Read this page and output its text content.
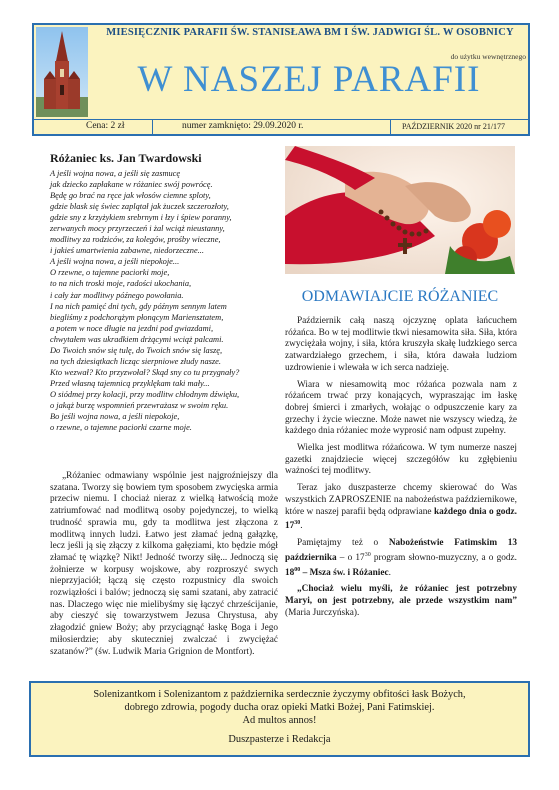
MIESIĘCZNIK PARAFII ŚW. STANISŁAWA BM I ŚW. JADWIGI ŚL. W OSOBNICY
do użytku wewnętrznego
W NASZEJ PARAFII
Cena: 2 zł	numer zamknięto: 29.09.2020 r.	PAŹDZIERNIK 2020 nr 21/177
Różaniec ks. Jan Twardowski
A jeśli wojna nowa, a jeśli się zasmucę
jak dziecko zapłakane w różaniec swój powrócę.
Będę go brać na ręce jak włosów ciemne sploty,
gdzie blask się świec zaplątał jak żuczek szczerozłoty,
gdzie sny z krzyżykiem srebrnym i łzy i śpiew poranny,
zerwanych mocy przyrzeczeń i żal wciąż nieustanny,
modlitwy za rodziców, za kolegów, prośby wieczne,
i jakieś umartwienia zabawne, niedorzeczne...
A jeśli wojna nowa, a jeśli niepokoje...
O rzewne, o tajemne paciorki moje,
to na nich troski moje, radości ukochania,
i cały żar modlitwy późnego powołania.
I na nich pamięć dni tych, gdy późnym sennym latem
biegliśmy z podchorążym płonącym Mariensztatem,
a potem w noce długie na jezdni pod gwiazdami,
chwytałem was ukradkiem drżącymi wciąż palcami.
Do Twoich snów się tulę, do Twoich snów się laszę,
na tych dziesiątkach licząc sierpniowe złudy nasze.
Kto wezwał? Kto przyzwołał? Skąd sny co tu przygnały?
Przed własną tajemnicą przyklękam taki mały...
O siódmej przy kolacji, przy modlitw chłodnym dźwięku,
o jakąż burzę wspomnień przewrażasz w swoim ręku.
Bo jeśli wojna nowa, a jeśli niepokoje,
o rzewne, o tajemne paciorki czarne moje.
ODMAWIAJCIE RÓŻANIEC

Październik całą naszą ojczyznę oplata łańcuchem różańca. Bo w tej modlitwie tkwi niesamowita siła. Siła, która zwyciężała wojny, i siła, która kruszyła skałę ludzkiego serca zatwardziałego grzechem, i siła, która dawała ludziom uzdrowienie i wlewała w ich serca nadzieję.

Wiara w niesamowitą moc różańca pozwala nam z różańcem trwać przy konających, wypraszając im łaskę dobrej śmierci i zmarłych, wołając o odpuszczenie kary za grzechy i życie wieczne. Może nawet nie wszyscy wiedzą, że każdego dnia różaniec może wyprosić nam odpust zupełny.

Wielka jest modlitwa różańcowa. W tym numerze naszej gazetki znajdziecie więcej szczegółów ku zgłębieniu ważności tej modlitwy.

Teraz jako duszpasterze chcemy skierować do Was wszystkich ZAPROSZENIE na nabożeństwa październikowe, które w naszej parafii będą odprawiane każdego dnia o godz. $17^{30}$.

Pamiętajmy też o Nabożeństwie Fatimskim 13 października – o $17^{30}$ program słowno-muzyczny, a o godz. $18^{00}$ – Msza św. i Różaniec.

„Chociaż wielu myśli, że różaniec jest potrzebny Maryi, on jest potrzebny, ale przede wszystkim nam” (Maria Jurczyńska).

„Różaniec odmawiany wspólnie jest najgroźniejszy dla szatana. Tworzy się bowiem tym sposobem zwycięska armia przeciw niemu. I chociaż nieraz z wielką łatwością może zatriumfować nad modlitwą osoby pojedynczej, to wielką trudność sprawia mu, gdy ta modlitwa jest złączona z modlitwą innych ludzi. Łatwo jest złamać jedną gałązkę, lecz jeśli ją się złączy z kilkoma gałęziami, kto będzie mógł złamać tę wiązkę? Nikt! Jedność tworzy siłę... Jednoczą się żołnierze w korpusy wojskowe, aby rozproszyć swych nieprzyjaciół; łączą się często rozpustnicy dla swoich rozwiązłości i balów; jednoczą się sami szatani, aby zatracić nas. Dlaczego więc nie mielibyśmy się łączyć chrześcijanie, aby cieszyć się towarzystwem Jezusa Chrystusa, aby złagodzić gniew Boży; aby przyciągnąć łaskę Boga i Jego miłosierdzie; aby skuteczniej zwalczać i zwyciężać szatanów?” (św. Ludwik Maria Grignion de Montfort).

Solenizantkom i Solenizantom z października serdecznie życzymy obfitości łask Bożych,
dobrego zdrowia, pogody ducha oraz opieki Matki Bożej, Pani Fatimskiej.
Ad multos annos!
Duszpasterze i Redakcja
